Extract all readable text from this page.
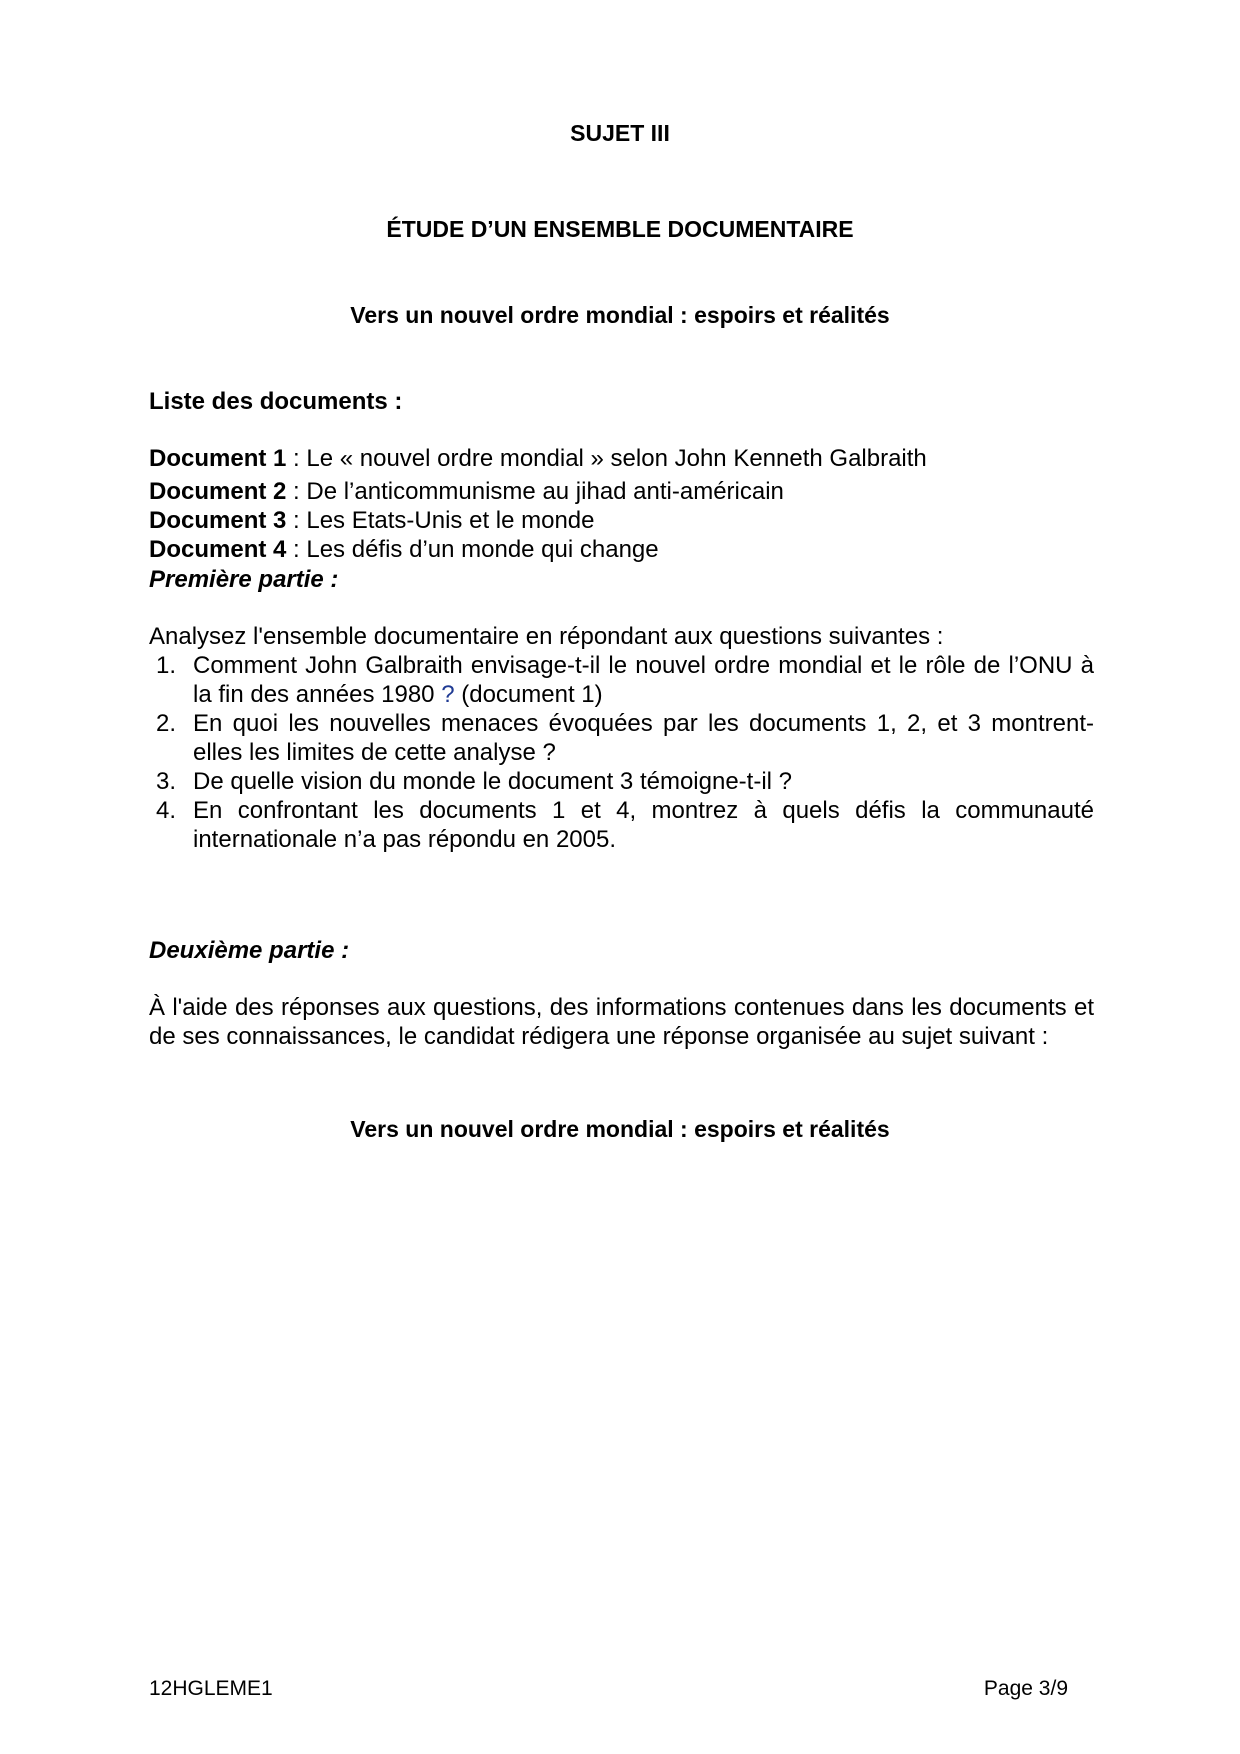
SUJET III
ÉTUDE D’UN ENSEMBLE DOCUMENTAIRE
Vers un nouvel ordre mondial : espoirs et réalités
Liste des documents :

Document 1 : Le « nouvel ordre mondial » selon John Kenneth Galbraith

Document 2 : De l’anticommunisme au jihad anti-américain

Document 3 : Les Etats-Unis et le monde

Document 4 : Les défis d’un monde qui change

Première partie :
Analysez l'ensemble documentaire en répondant aux questions suivantes :
1. Comment John Galbraith envisage-t-il le nouvel ordre mondial et le rôle de l’ONU à la fin des années 1980 ? (document 1)
2. En quoi les nouvelles menaces évoquées par les documents 1, 2, et 3 montrent-elles les limites de cette analyse ?
3. De quelle vision du monde le document 3 témoigne-t-il ?
4. En confrontant les documents 1 et 4, montrez à quels défis la communauté internationale n’a pas répondu en 2005.
Deuxième partie :
À l'aide des réponses aux questions, des informations contenues dans les documents et de ses connaissances, le candidat rédigera une réponse organisée au sujet suivant :
Vers un nouvel ordre mondial : espoirs et réalités
12HGLEME1	Page 3/9
